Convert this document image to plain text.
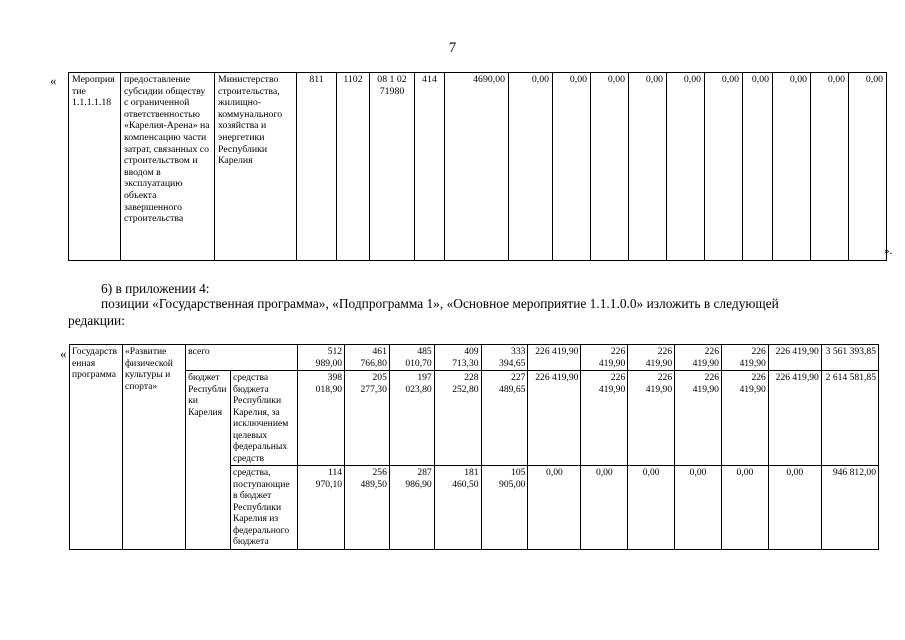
7
« Мероприятие 1.1.1.1.18	предоставление субсидии обществу с ограниченной ответственностью «Карелия-Арена» на компенсацию части затрат, связанных со строительством и вводом в эксплуатацию объекта завершенного строительства	Министерство строительства, жилищно-коммунального хозяйства и энергетики Республики Карелия	811	1102	08 1 02 71980	414	4690,00	0,00	0,00	0,00	0,00	0,00	0,00	0,00	0,00	0,00	0,00
».
6) в приложении 4:
позиции «Государственная программа», «Подпрограмма 1», «Основное мероприятие 1.1.1.0.0» изложить в следующей
редакции:
« Государственная программа	«Развитие физической культуры и спорта»	всего		512 989,00	461 766,80	485 010,70	409 713,30	333 394,65	226 419,90	226 419,90	226 419,90	226 419,90	226 419,90	226 419,90	3 561 393,85
		бюджет Республики Карелия	средства бюджета Республики Карелия, за исключением целевых федеральных средств	398 018,90	205 277,30	197 023,80	228 252,80	227 489,65	226 419,90	226 419,90	226 419,90	226 419,90	226 419,90	226 419,90	2 614 581,85
			средства, поступающие в бюджет Республики Карелия из федерального бюджета	114 970,10	256 489,50	287 986,90	181 460,50	105 905,00	0,00	0,00	0,00	0,00	0,00	0,00	946 812,00
